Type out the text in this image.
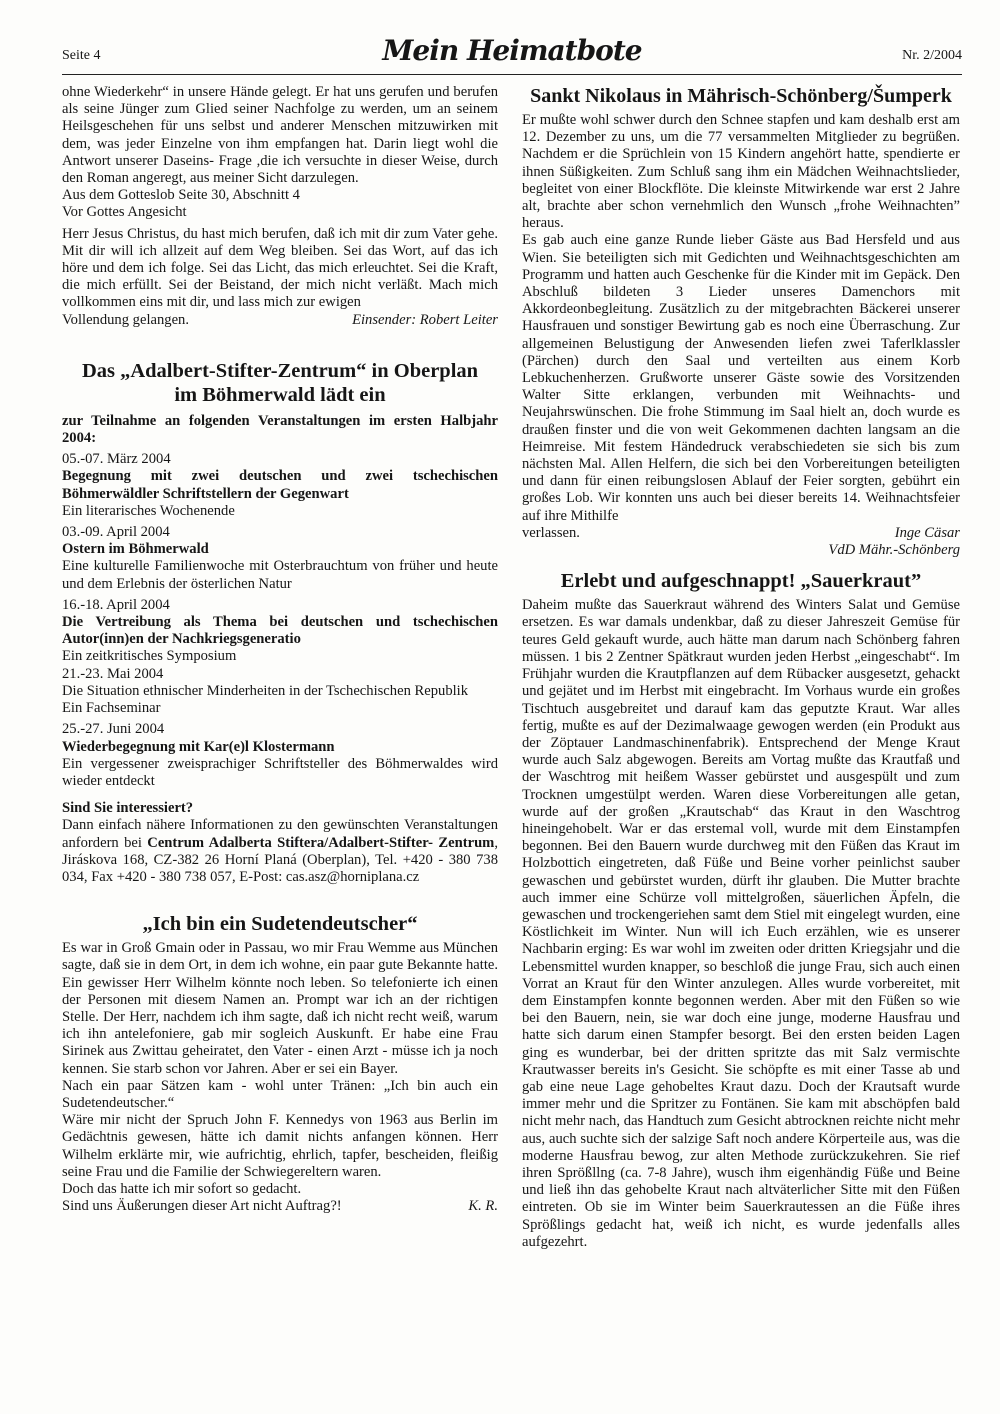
Seite 4	Mein Heimatbote	Nr. 2/2004

ohne Wiederkehr“ in unsere Hände gelegt. Er hat uns gerufen und berufen als seine Jünger zum Glied seiner Nachfolge zu werden, um an seinem Heilsgeschehen für uns selbst und anderer Menschen mitzuwirken mit dem, was jeder Einzelne von ihm empfangen hat. Darin liegt wohl die Antwort unserer Daseins- Frage ,die ich versuchte in dieser Weise, durch den Roman angeregt, aus meiner Sicht darzulegen.

Aus dem Gotteslob Seite 30, Abschnitt 4

Vor Gottes Angesicht

Herr Jesus Christus, du hast mich berufen, daß ich mit dir zum Vater gehe. Mit dir will ich allzeit auf dem Weg bleiben. Sei das Wort, auf das ich höre und dem ich folge. Sei das Licht, das mich erleuchtet. Sei die Kraft, die mich erfüllt. Sei der Beistand, der mich nicht verläßt. Mach mich vollkommen eins mit dir, und lass mich zur ewigen

Vollendung gelangen.	Einsender: Robert Leiter
Das „Adalbert-Stifter-Zentrum“ in Oberplan
im Böhmerwald lädt ein

zur Teilnahme an folgenden Veranstaltungen im ersten Halbjahr 2004:

05.-07. März 2004

Begegnung mit zwei deutschen und zwei tschechischen Böhmerwäldler Schriftstellern der Gegenwart

Ein literarisches Wochenende
03.-09. April 2004

Ostern im Böhmerwald

Eine kulturelle Familienwoche mit Osterbrauchtum von früher und heute und dem Erlebnis der österlichen Natur

16.-18. April 2004

Die Vertreibung als Thema bei deutschen und tschechischen Autor(inn)en der Nachkriegsgeneratio

Ein zeitkritisches Symposium
21.-23. Mai 2004

Die Situation ethnischer Minderheiten in der Tschechischen Republik

Ein Fachseminar
25.-27. Juni 2004

Wiederbegegnung mit Kar(e)l Klostermann

Ein vergessener zweisprachiger Schriftsteller des Böhmerwaldes wird wieder entdeckt

Sind Sie interessiert?

Dann einfach nähere Informationen zu den gewünschten Veranstaltungen anfordern bei Centrum Adalberta Stiftera/Adalbert-Stifter- Zentrum, Jiráskova 168, CZ-382 26 Horní Planá (Oberplan), Tel. +420 - 380 738 034, Fax +420 - 380 738 057, E-Post: cas.asz@horniplana.cz

„Ich bin ein Sudetendeutscher“

Es war in Groß Gmain oder in Passau, wo mir Frau Wemme aus München sagte, daß sie in dem Ort, in dem ich wohne, ein paar gute Bekannte hatte. Ein gewisser Herr Wilhelm könnte noch leben. So telefonierte ich einen der Personen mit diesem Namen an. Prompt war ich an der richtigen Stelle. Der Herr, nachdem ich ihm sagte, daß ich nicht recht weiß, warum ich ihn antelefoniere, gab mir sogleich Auskunft. Er habe eine Frau Sirinek aus Zwittau geheiratet, den Vater - einen Arzt - müsse ich ja noch kennen. Sie starb schon vor Jahren. Aber er sei ein Bayer.

Nach ein paar Sätzen kam - wohl unter Tränen: „Ich bin auch ein Sudetendeutscher.“

Wäre mir nicht der Spruch John F. Kennedys von 1963 aus Berlin im Gedächtnis gewesen, hätte ich damit nichts anfangen können. Herr Wilhelm erklärte mir, wie aufrichtig, ehrlich, tapfer, bescheiden, fleißig seine Frau und die Familie der Schwiegereltern waren.

Doch das hatte ich mir sofort so gedacht.

Sind uns Äußerungen dieser Art nicht Auftrag?!	K. R.
Sankt Nikolaus in Mährisch-Schönberg/Šumperk

Er mußte wohl schwer durch den Schnee stapfen und kam deshalb erst am 12. Dezember zu uns, um die 77 versammelten Mitglieder zu begrüßen. Nachdem er die Sprüchlein von 15 Kindern angehört hatte, spendierte er ihnen Süßigkeiten. Zum Schluß sang ihm ein Mädchen Weihnachtslieder, begleitet von einer Blockflöte. Die kleinste Mitwirkende war erst 2 Jahre alt, brachte aber schon vernehmlich den Wunsch „frohe Weihnachten” heraus.

Es gab auch eine ganze Runde lieber Gäste aus Bad Hersfeld und aus Wien. Sie beteiligten sich mit Gedichten und Weihnachtsgeschichten am Programm und hatten auch Geschenke für die Kinder mit im Gepäck. Den Abschluß bildeten 3 Lieder unseres Damenchors mit Akkordeonbegleitung. Zusätzlich zu der mitgebrachten Bäckerei unserer Hausfrauen und sonstiger Bewirtung gab es noch eine Überraschung. Zur allgemeinen Belustigung der Anwesenden liefen zwei Taferlklassler (Pärchen) durch den Saal und verteilten aus einem Korb Lebkuchenherzen. Grußworte unserer Gäste sowie des Vorsitzenden Walter Sitte erklangen, verbunden mit Weihnachts- und Neujahrswünschen. Die frohe Stimmung im Saal hielt an, doch wurde es draußen finster und die von weit Gekommenen dachten langsam an die Heimreise. Mit festem Händedruck verabschiedeten sie sich bis zum nächsten Mal. Allen Helfern, die sich bei den Vorbereitungen beteiligten und dann für einen reibungslosen Ablauf der Feier sorgten, gebührt ein großes Lob. Wir konnten uns auch bei dieser bereits 14. Weihnachtsfeier auf ihre Mithilfe

verlassen.	Inge Cäsar
VdD Mähr.-Schönberg
Erlebt und aufgeschnappt! „Sauerkraut”

Daheim mußte das Sauerkraut während des Winters Salat und Gemüse ersetzen. Es war damals undenkbar, daß zu dieser Jahreszeit Gemüse für teures Geld gekauft wurde, auch hätte man darum nach Schönberg fahren müssen. 1 bis 2 Zentner Spätkraut wurden jeden Herbst „eingeschabt“. Im Frühjahr wurden die Krautpflanzen auf dem Rübacker ausgesetzt, gehackt und gejätet und im Herbst mit eingebracht. Im Vorhaus wurde ein großes Tischtuch ausgebreitet und darauf kam das geputzte Kraut. War alles fertig, mußte es auf der Dezimalwaage gewogen werden (ein Produkt aus der Zöptauer Landmaschinenfabrik). Entsprechend der Menge Kraut wurde auch Salz abgewogen. Bereits am Vortag mußte das Krautfaß und der Waschtrog mit heißem Wasser gebürstet und ausgespült und zum Trocknen umgestülpt werden. Waren diese Vorbereitungen alle getan, wurde auf der großen „Krautschab“ das Kraut in den Waschtrog hineingehobelt. War er das erstemal voll, wurde mit dem Einstampfen begonnen. Bei den Bauern wurde durchweg mit den Füßen das Kraut im Holzbottich eingetreten, daß Füße und Beine vorher peinlichst sauber gewaschen und gebürstet wurden, dürft ihr glauben. Die Mutter brachte auch immer eine Schürze voll mittelgroßen, säuerlichen Äpfeln, die gewaschen und trockengeriehen samt dem Stiel mit eingelegt wurden, eine Köstlichkeit im Winter. Nun will ich Euch erzählen, wie es unserer Nachbarin erging: Es war wohl im zweiten oder dritten Kriegsjahr und die Lebensmittel wurden knapper, so beschloß die junge Frau, sich auch einen Vorrat an Kraut für den Winter anzulegen. Alles wurde vorbereitet, mit dem Einstampfen konnte begonnen werden. Aber mit den Füßen so wie bei den Bauern, nein, sie war doch eine junge, moderne Hausfrau und hatte sich darum einen Stampfer besorgt. Bei den ersten beiden Lagen ging es wunderbar, bei der dritten spritzte das mit Salz vermischte Krautwasser bereits in's Gesicht. Sie schöpfte es mit einer Tasse ab und gab eine neue Lage gehobeltes Kraut dazu. Doch der Krautsaft wurde immer mehr und die Spritzer zu Fontänen. Sie kam mit abschöpfen bald nicht mehr nach, das Handtuch zum Gesicht abtrocknen reichte nicht mehr aus, auch suchte sich der salzige Saft noch andere Körperteile aus, was die moderne Hausfrau bewog, zur alten Methode zurückzukehren. Sie rief ihren Sprößllng (ca. 7-8 Jahre), wusch ihm eigenhändig Füße und Beine und ließ ihn das gehobelte Kraut nach altväterlicher Sitte mit den Füßen eintreten. Ob sie im Winter beim Sauerkrautessen an die Füße ihres Sprößlings gedacht hat, weiß ich nicht, es wurde jedenfalls alles aufgezehrt.
